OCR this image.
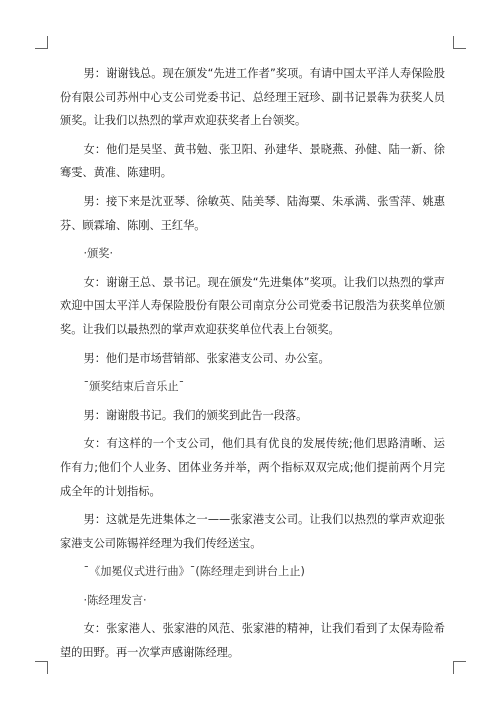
男：谢谢钱总。现在颁发“先进工作者”奖项。有请中国太平洋人寿保险股份有限公司苏州中心支公司党委书记、总经理王冠珍、副书记景犇为获奖人员颁奖。让我们以热烈的掌声欢迎获奖者上台领奖。

女：他们是吴坚、黄书勉、张卫阳、孙建华、景晓燕、孙健、陆一新、徐骞雯、黄准、陈建明。

男：接下来是沈亚琴、徐敏英、陆美琴、陆海粟、朱承满、张雪萍、姚惠芬、顾霖瑜、陈刚、王红华。

·颁奖·

女：谢谢王总、景书记。现在颁发“先进集体”奖项。让我们以热烈的掌声欢迎中国太平洋人寿保险股份有限公司南京分公司党委书记殷浩为获奖单位颁奖。让我们以最热烈的掌声欢迎获奖单位代表上台领奖。

男：他们是市场营销部、张家港支公司、办公室。

ˉ颁奖结束后音乐止ˉ

男：谢谢殷书记。我们的颁奖到此告一段落。

女：有这样的一个支公司，他们具有优良的发展传统;他们思路清晰、运作有力;他们个人业务、团体业务并举，两个指标双双完成;他们提前两个月完成全年的计划指标。

男：这就是先进集体之一——张家港支公司。让我们以热烈的掌声欢迎张家港支公司陈锡祥经理为我们传经送宝。

ˉ《加冕仪式进行曲》ˉ(陈经理走到讲台上止)

·陈经理发言·

女：张家港人、张家港的风范、张家港的精神，让我们看到了太保寿险希望的田野。再一次掌声感谢陈经理。
